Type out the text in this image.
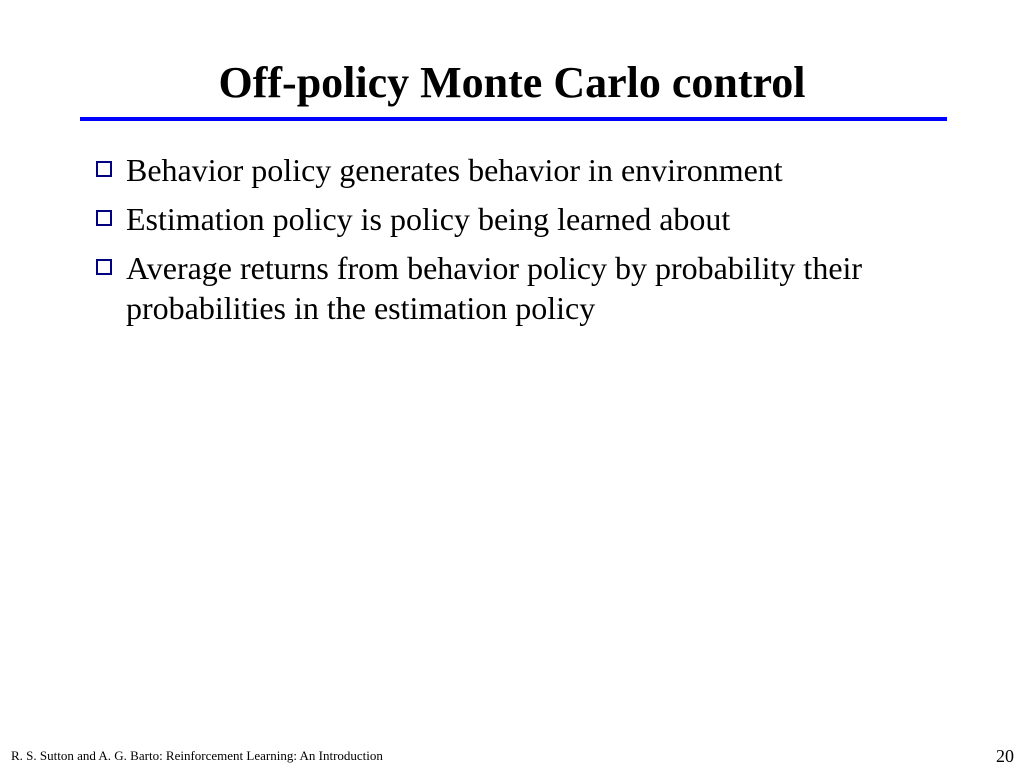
Off-policy Monte Carlo control
Behavior policy generates behavior in environment
Estimation policy is policy being learned about
Average returns from behavior policy by probability their probabilities in the estimation policy
R. S. Sutton and A. G. Barto: Reinforcement Learning: An Introduction	20
